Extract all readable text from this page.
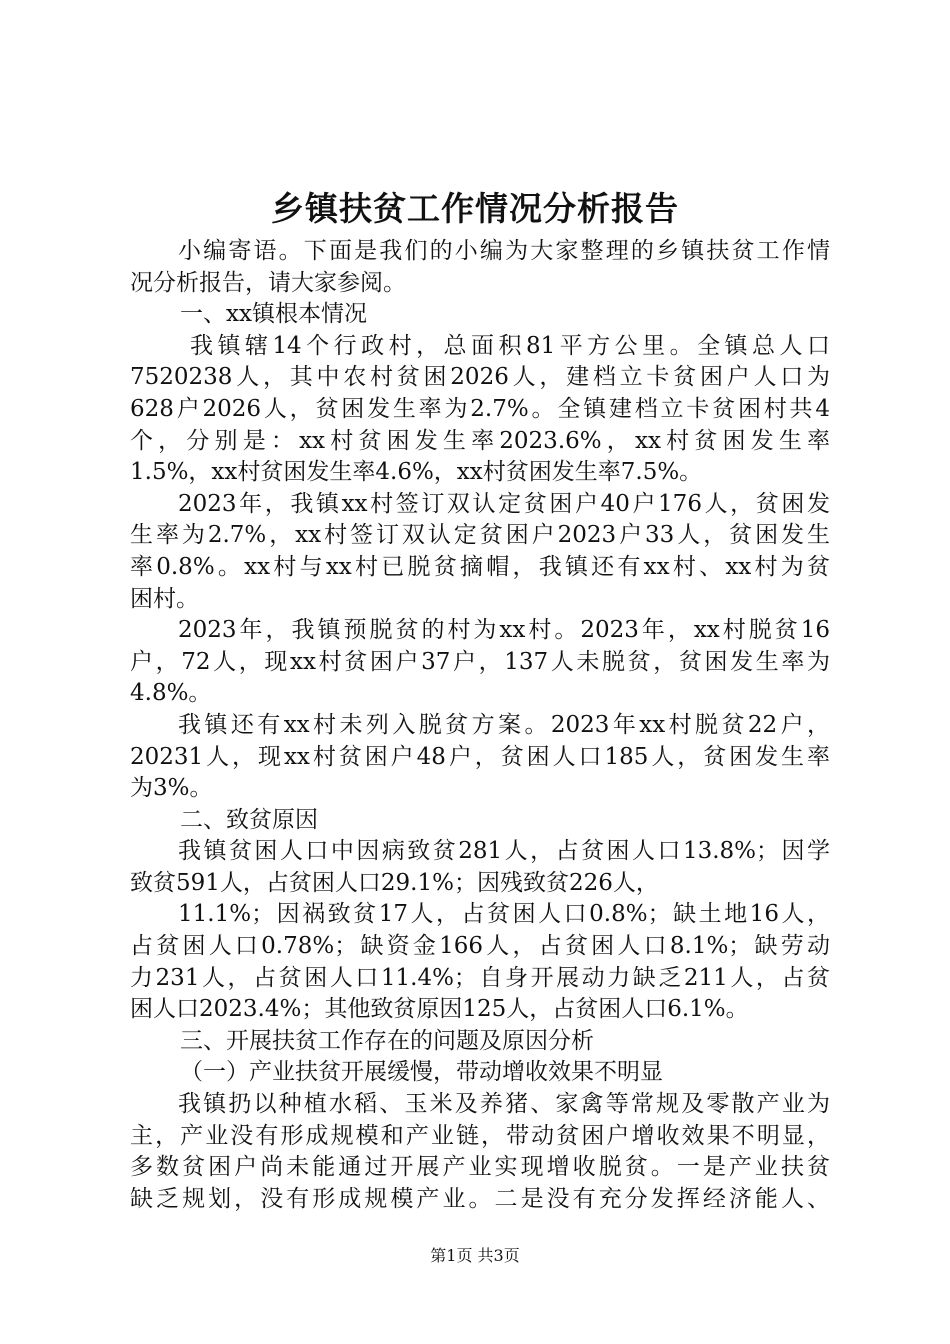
乡镇扶贫工作情况分析报告
小编寄语。下面是我们的小编为大家整理的乡镇扶贫工作情
况分析报告，请大家参阅。
一、xx镇根本情况
我镇辖14个行政村，总面积81平方公里。全镇总人口
7520238人，其中农村贫困2026人，建档立卡贫困户人口为
628户2026人，贫困发生率为2.7%。全镇建档立卡贫困村共4
个，分别是：xx村贫困发生率2023.6%，xx村贫困发生率
1.5%，xx村贫困发生率4.6%，xx村贫困发生率7.5%。
2023年，我镇xx村签订双认定贫困户40户176人，贫困发
生率为2.7%，xx村签订双认定贫困户2023户33人，贫困发生
率0.8%。xx村与xx村已脱贫摘帽，我镇还有xx村、xx村为贫
困村。
2023年，我镇预脱贫的村为xx村。2023年，xx村脱贫16
户，72人，现xx村贫困户37户，137人未脱贫，贫困发生率为
4.8%。
我镇还有xx村未列入脱贫方案。2023年xx村脱贫22户，
20231人，现xx村贫困户48户，贫困人口185人，贫困发生率
为3%。
二、致贫原因
我镇贫困人口中因病致贫281人，占贫困人口13.8%；因学
致贫591人，占贫困人口29.1%；因残致贫226人，
11.1%；因祸致贫17人，占贫困人口0.8%；缺土地16人，
占贫困人口0.78%；缺资金166人，占贫困人口8.1%；缺劳动
力231人，占贫困人口11.4%；自身开展动力缺乏211人，占贫
困人口2023.4%；其他致贫原因125人，占贫困人口6.1%。
三、开展扶贫工作存在的问题及原因分析
（一）产业扶贫开展缓慢，带动增收效果不明显
我镇扔以种植水稻、玉米及养猪、家禽等常规及零散产业为
主，产业没有形成规模和产业链，带动贫困户增收效果不明显，
多数贫困户尚未能通过开展产业实现增收脱贫。一是产业扶贫
缺乏规划，没有形成规模产业。二是没有充分发挥经济能人、
第1页 共3页
